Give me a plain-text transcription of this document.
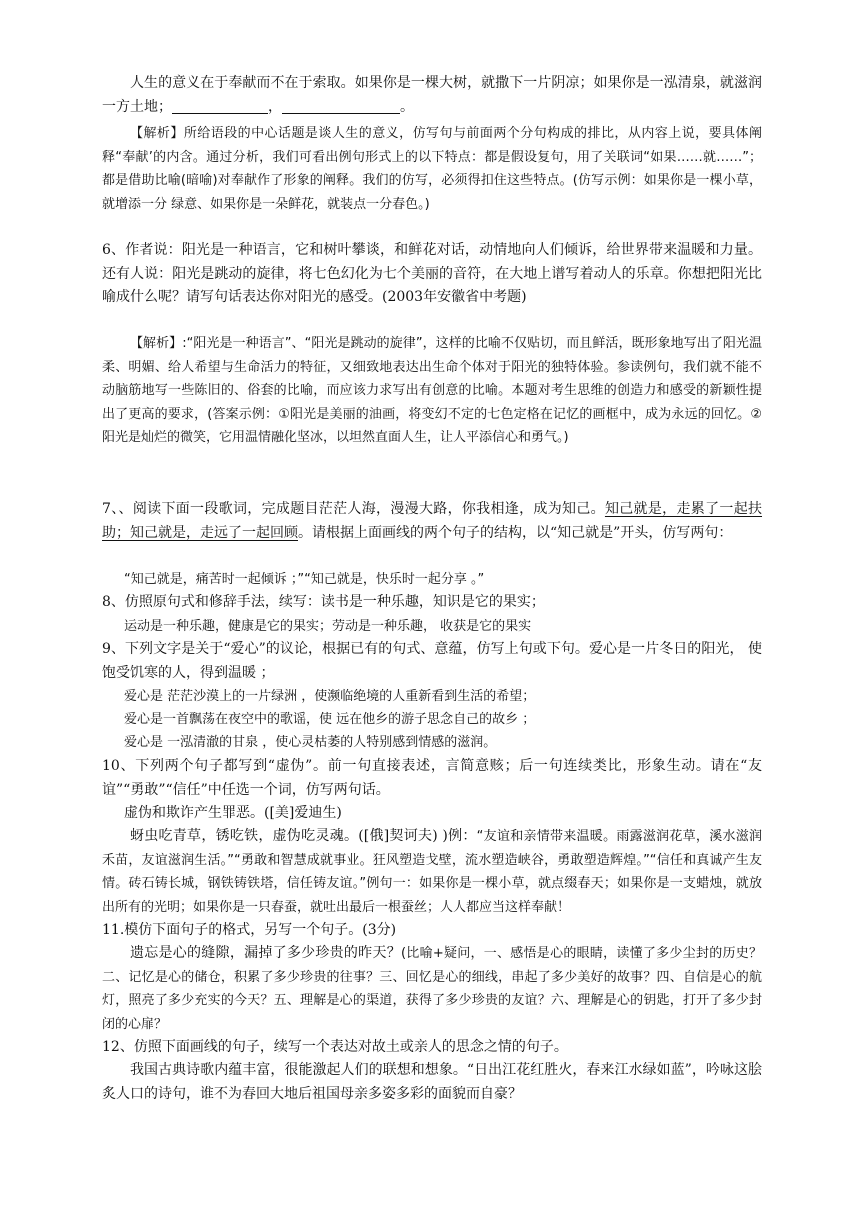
人生的意义在于奉献而不在于索取。如果你是一棵大树，就撒下一片阴凉；如果你是一泓清泉，就滋润一方土地；	，	。

【解析】所给语段的中心话题是谈人生的意义，仿写句与前面两个分句构成的排比，从内容上说，要具体阐释“奉献’的内含。通过分析，我们可看出例句形式上的以下特点：都是假设复句，用了关联词“如果……就……”；都是借助比喻(暗喻)对奉献作了形象的阐释。我们的仿写，必须得扣住这些特点。(仿写示例：如果你是一棵小草，就增添一分 绿意、如果你是一朵鲜花，就装点一分春色。)

6、作者说：阳光是一种语言，它和树叶攀谈，和鲜花对话，动情地向人们倾诉，给世界带来温暖和力量。还有人说：阳光是跳动的旋律，将七色幻化为七个美丽的音符，在大地上谱写着动人的乐章。你想把阳光比喻成什么呢？请写句话表达你对阳光的感受。(2003年安徽省中考题)

【解析】:“阳光是一种语言”、“阳光是跳动的旋律”，这样的比喻不仅贴切，而且鲜活，既形象地写出了阳光温柔、明媚、给人希望与生命活力的特征，又细致地表达出生命个体对于阳光的独特体验。参读例句，我们就不能不动脑筋地写一些陈旧的、俗套的比喻，而应该力求写出有创意的比喻。本题对考生思维的创造力和感受的新颖性提出了更高的要求，(答案示例：①阳光是美丽的油画，将变幻不定的七色定格在记忆的画框中，成为永远的回忆。②阳光是灿烂的微笑，它用温情融化坚冰，以坦然直面人生，让人平添信心和勇气。)

7、、阅读下面一段歌词，完成题目茫茫人海，漫漫大路，你我相逢，成为知己。知己就是，走累了一起扶助；知己就是，走远了一起回顾。请根据上面画线的两个句子的结构，以“知己就是”开头，仿写两句：

“知己就是，痛苦时一起倾诉 ；”“知己就是，快乐时一起分享 。”

8、仿照原句式和修辞手法，续写：读书是一种乐趣，知识是它的果实；

运动是一种乐趣，健康是它的果实；劳动是一种乐趣， 收获是它的果实

9、下列文字是关于“爱心”的议论，根据已有的句式、意蕴，仿写上句或下句。爱心是一片冬日的阳光， 使饱受饥寒的人，得到温暖 ；

爱心是 茫茫沙漠上的一片绿洲 ，使濒临绝境的人重新看到生活的希望；

爱心是一首飘荡在夜空中的歌谣，使 远在他乡的游子思念自己的故乡 ；

爱心是 一泓清澈的甘泉 ，使心灵枯萎的人特别感到情感的滋润。

10、下列两个句子都写到“虚伪”。前一句直接表述，言简意赅；后一句连续类比，形象生动。请在“友谊”“勇敢”“信任”中任选一个词，仿写两句话。

虚伪和欺诈产生罪恶。([美]爱迪生)

蚜虫吃青草，锈吃铁，虚伪吃灵魂。([俄]契诃夫) )例：“友谊和亲情带来温暖。雨露滋润花草，溪水滋润禾苗，友谊滋润生活。”“勇敢和智慧成就事业。狂风塑造戈壁，流水塑造峡谷，勇敢塑造辉煌。”“信任和真诚产生友情。砖石铸长城，钢铁铸铁塔，信任铸友谊。”例句一：如果你是一棵小草，就点缀春天；如果你是一支蜡烛，就放出所有的光明；如果你是一只春蚕，就吐出最后一根蚕丝；人人都应当这样奉献！

11.模仿下面句子的格式，另写一个句子。(3分)

遗忘是心的缝隙，漏掉了多少珍贵的昨天？(比喻+疑问，一、感悟是心的眼睛，读懂了多少尘封的历史？二、记忆是心的储仓，积累了多少珍贵的往事？三、回忆是心的细线，串起了多少美好的故事？四、自信是心的航灯，照亮了多少充实的今天？五、理解是心的渠道，获得了多少珍贵的友谊？六、理解是心的钥匙，打开了多少封闭的心扉？

12、仿照下面画线的句子，续写一个表达对故土或亲人的思念之情的句子。

我国古典诗歌内蕴丰富，很能激起人们的联想和想象。“日出江花红胜火，春来江水绿如蓝”，吟咏这脍炙人口的诗句，谁不为春回大地后祖国母亲多姿多彩的面貌而自豪？
